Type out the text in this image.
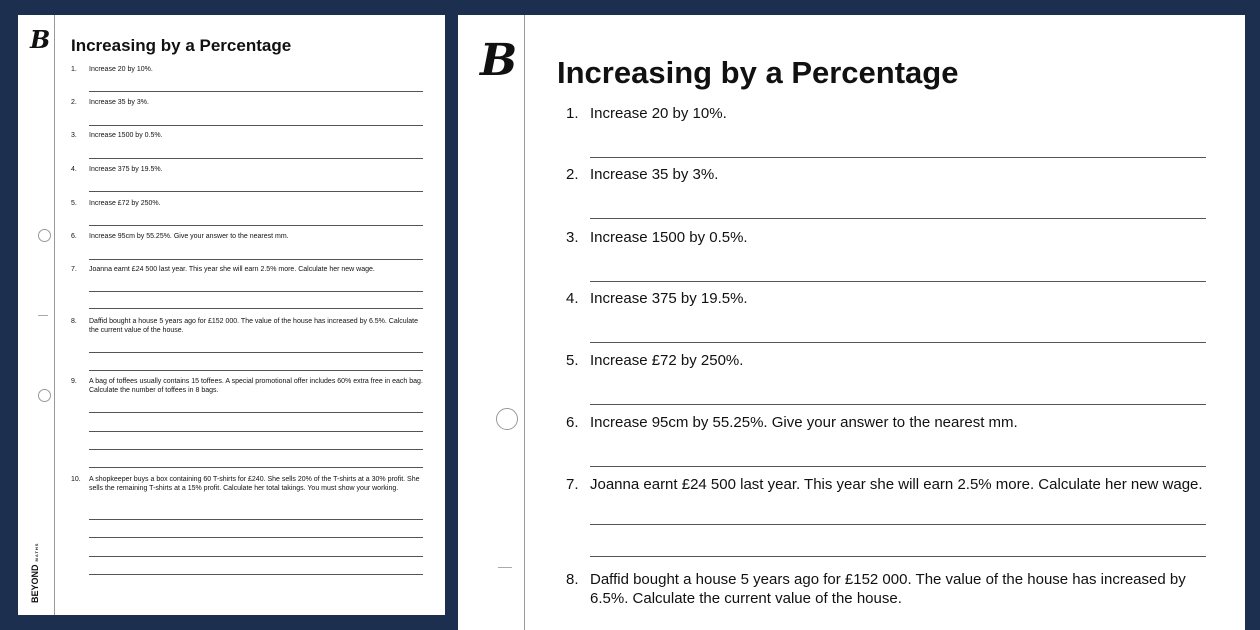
B Increasing by a Percentage
BEYONDMATHS
1. Increase 20 by 10%.
2. Increase 35 by 3%.
3. Increase 1500 by 0.5%.
4. Increase 375 by 19.5%.
5. Increase £72 by 250%.
6. Increase 95cm by 55.25%. Give your answer to the nearest mm.
7. Joanna earnt £24 500 last year. This year she will earn 2.5% more. Calculate her new wage.
8. Daffid bought a house 5 years ago for £152 000. The value of the house has increased by 6.5%. Calculate the current value of the house.
9. A bag of toffees usually contains 15 toffees. A special promotional offer includes 60% extra free in each bag. Calculate the number of toffees in 8 bags.
10. A shopkeeper buys a box containing 60 T-shirts for £240. She sells 20% of the T-shirts at a 30% profit. She sells the remaining T-shirts at a 15% profit. Calculate her total takings. You must show your working.
B Increasing by a Percentage
1. Increase 20 by 10%.
2. Increase 35 by 3%.
3. Increase 1500 by 0.5%.
4. Increase 375 by 19.5%.
5. Increase £72 by 250%.
6. Increase 95cm by 55.25%. Give your answer to the nearest mm.
7. Joanna earnt £24 500 last year. This year she will earn 2.5% more. Calculate her new wage.
8. Daffid bought a house 5 years ago for £152 000. The value of the house has increased by 6.5%. Calculate the current value of the house.
